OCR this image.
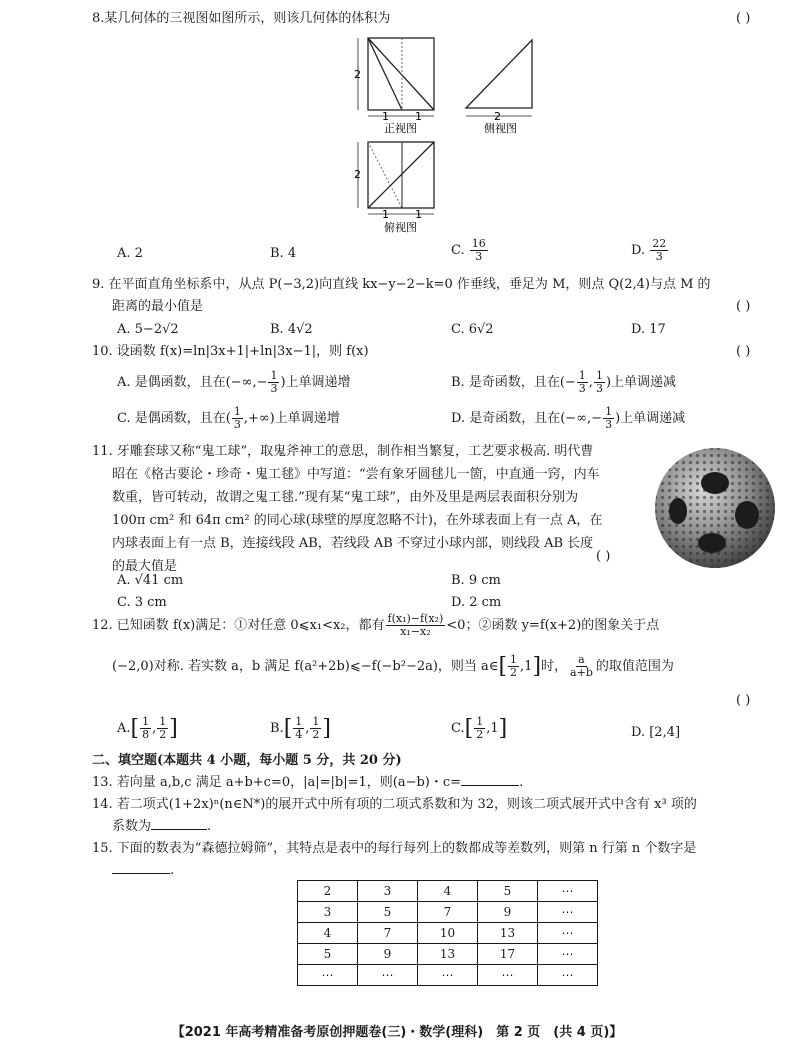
8.某几何体的三视图如图所示，则该几何体的体积为	( )
2
1 1
正视图
2
1 1
俯视图
2
侧视图
A. 2	B. 4	C. $\frac{16}{3}$	D. $\frac{22}{3}$
9. 在平面直角坐标系中，从点 P(−3,2)向直线 kx−y−2−k=0 作垂线，垂足为 M，则点 Q(2,4)与点 M 的
距离的最小值是	( )
A. 5−2√2	B. 4√2	C. 6√2	D. 17
10. 设函数 f(x)=ln|3x+1|+ln|3x−1|，则 f(x)	( )
A. 是偶函数，且在(−∞,− $\frac{1}{3}$ )上单调递增	B. 是奇函数，且在(− $\frac{1}{3}$ , $\frac{1}{3}$ )上单调递减
C. 是偶函数，且在( $\frac{1}{3}$ ,+∞)上单调递增	D. 是奇函数，且在(−∞,− $\frac{1}{3}$ )上单调递减
11. 牙雕套球又称“鬼工球”，取鬼斧神工的意思，制作相当繁复，工艺要求极高. 明代曹
昭在《格古要论・珍奇・鬼工毬》中写道：“尝有象牙圆毬儿一箇，中直通一窍，内车
数重，皆可转动，故谓之鬼工毬.”现有某“鬼工球”，由外及里是两层表面积分别为
100π cm² 和 64π cm² 的同心球(球壁的厚度忽略不计)，在外球表面上有一点 A，在
内球表面上有一点 B，连接线段 AB，若线段 AB 不穿过小球内部，则线段 AB 长度
的最大值是
( )
A. √41 cm	B. 9 cm
C. 3 cm	D. 2 cm
12. 已知函数 f(x)满足：①对任意 0⩽x₁<x₂，都有 $\frac{\text{f(x₁)−f(x₂)}}{\text{x₁−x₂}} <0$；②函数 y=f(x+2)的图象关于点
(−2,0)对称. 若实数 a，b 满足 f(a²+2b)⩽−f(−b²−2a)，则当 a∈[ $\frac{1}{2} ,1$]时， $\frac{a}{a+b}$ 的取值范围为
( )
$A.[ \frac{1}{8}$ , $\frac{1}{2}$ ]	$B.[ \frac{1}{4}$ , $\frac{1}{2}$ ]	$C.[ \frac{1}{2} ,1]$	D. [2,4]
二、填空题(本题共 4 小题，每小题 5 分，共 20 分)
13. 若向量 a,b,c 满足 a+b+c=0，|a|=|b|=1，则(a−b)・c=	.
14. 若二项式(1+2x)ⁿ(n∈N*)的展开式中所有项的二项式系数和为 32，则该二项式展开式中含有 x³ 项的
系数为	.
15. 下面的数表为“森德拉姆筛”，其特点是表中的每行每列上的数都成等差数列，则第 n 行第 n 个数字是
.
2	3	4	5	⋯
3	5	7	9	⋯
4	7	10	13	⋯
5	9	13	17	⋯
⋯	⋯	⋯	⋯	⋯
【2021 年高考精准备考原创押题卷(三)・数学(理科)　第 2 页　(共 4 页)】
